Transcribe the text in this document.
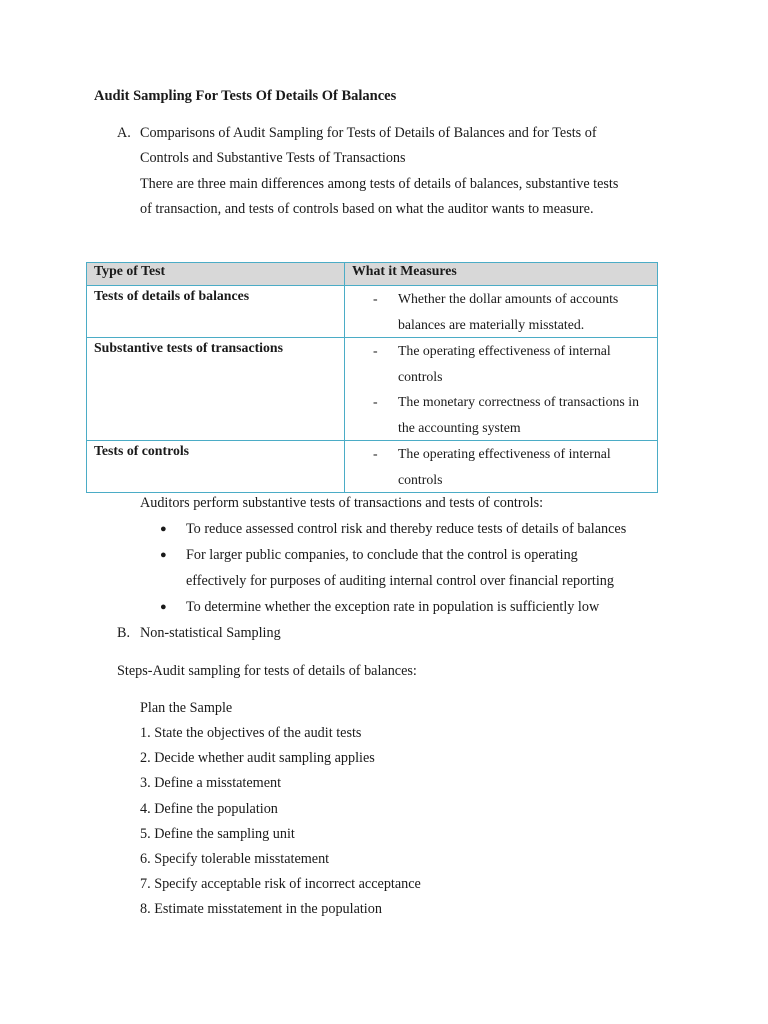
Audit Sampling For Tests Of Details Of Balances
A. Comparisons of Audit Sampling for Tests of Details of Balances and for Tests of
Controls and Substantive Tests of Transactions
There are three main differences among tests of details of balances, substantive tests
of transaction, and tests of controls based on what the auditor wants to measure.
Type of Test	What it Measures
Tests of details of balances	- Whether the dollar amounts of accounts balances are materially misstated.

Substantive tests of transactions	- The operating effectiveness of internal controls
- The monetary correctness of transactions in the accounting system

Tests of controls	- The operating effectiveness of internal controls
Auditors perform substantive tests of transactions and tests of controls:
● To reduce assessed control risk and thereby reduce tests of details of balances
● For larger public companies, to conclude that the control is operating
effectively for purposes of auditing internal control over financial reporting
● To determine whether the exception rate in population is sufficiently low
B. Non-statistical Sampling
Steps-Audit sampling for tests of details of balances:
Plan the Sample
1. State the objectives of the audit tests
2. Decide whether audit sampling applies
3. Define a misstatement
4. Define the population
5. Define the sampling unit
6. Specify tolerable misstatement
7. Specify acceptable risk of incorrect acceptance
8. Estimate misstatement in the population
